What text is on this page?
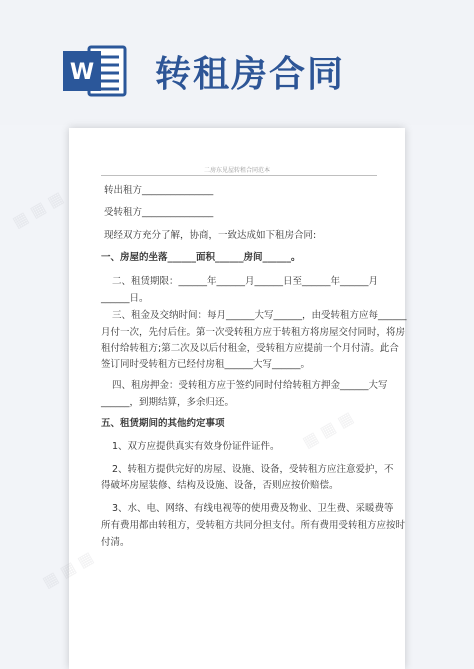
W 转租房合同
二房东见屋转租合同范本
转出租方_______________
受转租方_______________
现经双方充分了解，协商，一致达成如下租房合同:
一、房屋的坐落______面积______房间______。
二、租赁期限：______年______月______日至______年______月
______日。
三、租金及交纳时间：每月______大写______，由受转租方应每______
月付一次，先付后住。第一次受转租方应于转租方将房屋交付同时，将房
租付给转租方;第二次及以后付租金，受转租方应提前一个月付清。此合
签订同时受转租方已经付房租______大写______。
四、租房押金：受转租方应于签约同时付给转租方押金______大写
______，到期结算，多余归还。
五、租赁期间的其他约定事项
1、双方应提供真实有效身份证件证件。
2、转租方提供完好的房屋、设施、设备，受转租方应注意爱护，不
得破坏房屋装修、结构及设施、设备，否则应按价赔偿。
3、水、电、网络、有线电视等的使用费及物业、卫生费、采暖费等
所有费用都由转租方，受转租方共同分担支付。所有费用受转租方应按时
付清。
▦ ▦ ▦
▦ ▦ ▦
